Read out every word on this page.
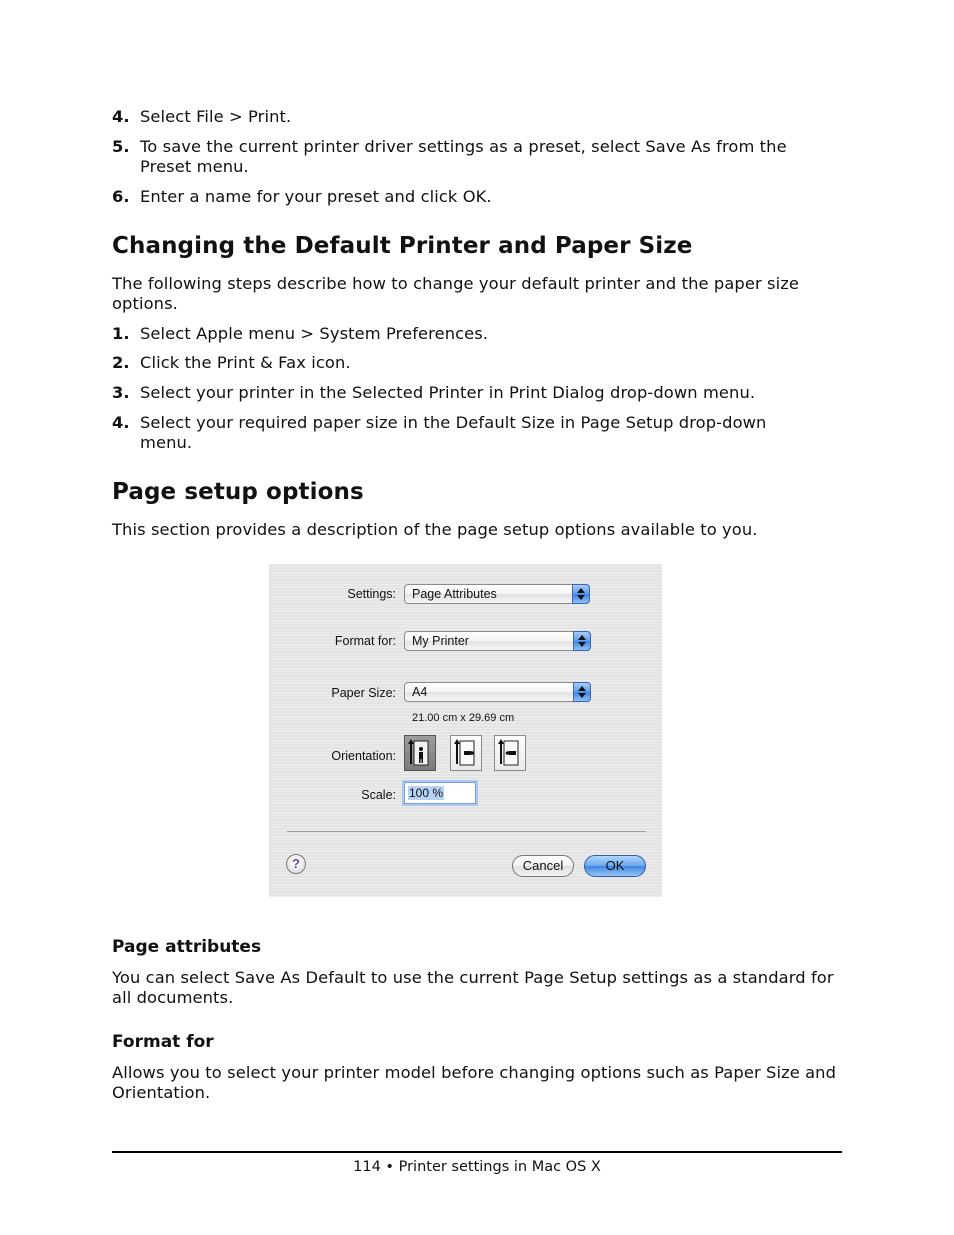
4. Select File > Print.
5. To save the current printer driver settings as a preset, select Save As from the Preset menu.
6. Enter a name for your preset and click OK.
Changing the Default Printer and Paper Size
The following steps describe how to change your default printer and the paper size options.
1. Select Apple menu > System Preferences.
2. Click the Print & Fax icon.
3. Select your printer in the Selected Printer in Print Dialog drop-down menu.
4. Select your required paper size in the Default Size in Page Setup drop-down menu.
Page setup options
This section provides a description of the page setup options available to you.
Settings: Page Attributes
Format for: My Printer
Paper Size: A4
21.00 cm x 29.69 cm
Orientation:
Scale:
100 %
?	Cancel	OK
Page attributes
You can select Save As Default to use the current Page Setup settings as a standard for all documents.
Format for
Allows you to select your printer model before changing options such as Paper Size and Orientation.
114 • Printer settings in Mac OS X
